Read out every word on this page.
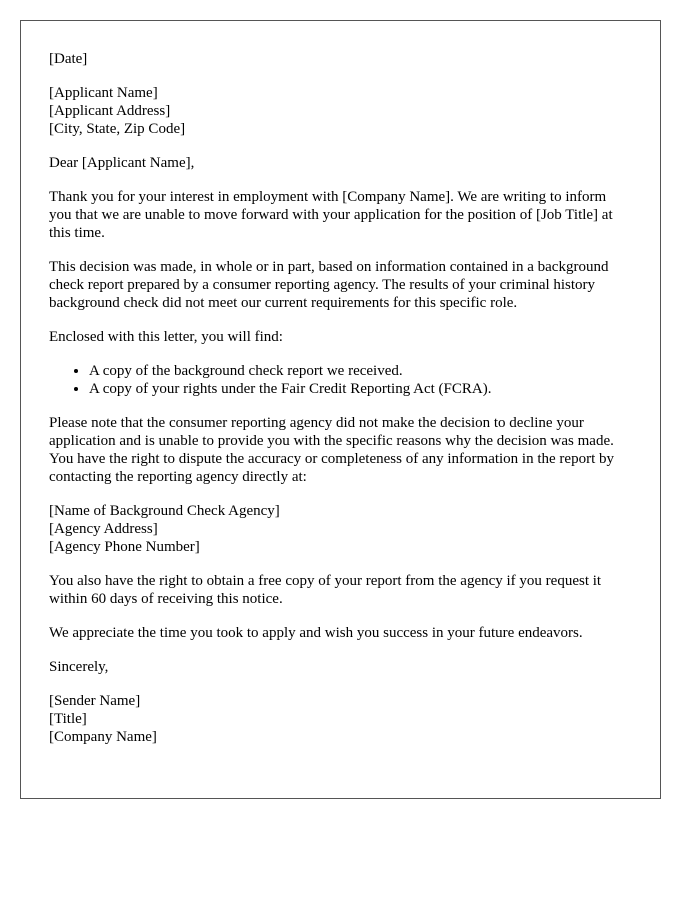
[Date]

[Applicant Name]
[Applicant Address]
[City, State, Zip Code]

Dear [Applicant Name],

Thank you for your interest in employment with [Company Name]. We are writing to inform you that we are unable to move forward with your application for the position of [Job Title] at this time.

This decision was made, in whole or in part, based on information contained in a background check report prepared by a consumer reporting agency. The results of your criminal history background check did not meet our current requirements for this specific role.

Enclosed with this letter, you will find:

• A copy of the background check report we received.
• A copy of your rights under the Fair Credit Reporting Act (FCRA).

Please note that the consumer reporting agency did not make the decision to decline your application and is unable to provide you with the specific reasons why the decision was made. You have the right to dispute the accuracy or completeness of any information in the report by contacting the reporting agency directly at:

[Name of Background Check Agency]
[Agency Address]
[Agency Phone Number]

You also have the right to obtain a free copy of your report from the agency if you request it within 60 days of receiving this notice.

We appreciate the time you took to apply and wish you success in your future endeavors.

Sincerely,

[Sender Name]
[Title]
[Company Name]
